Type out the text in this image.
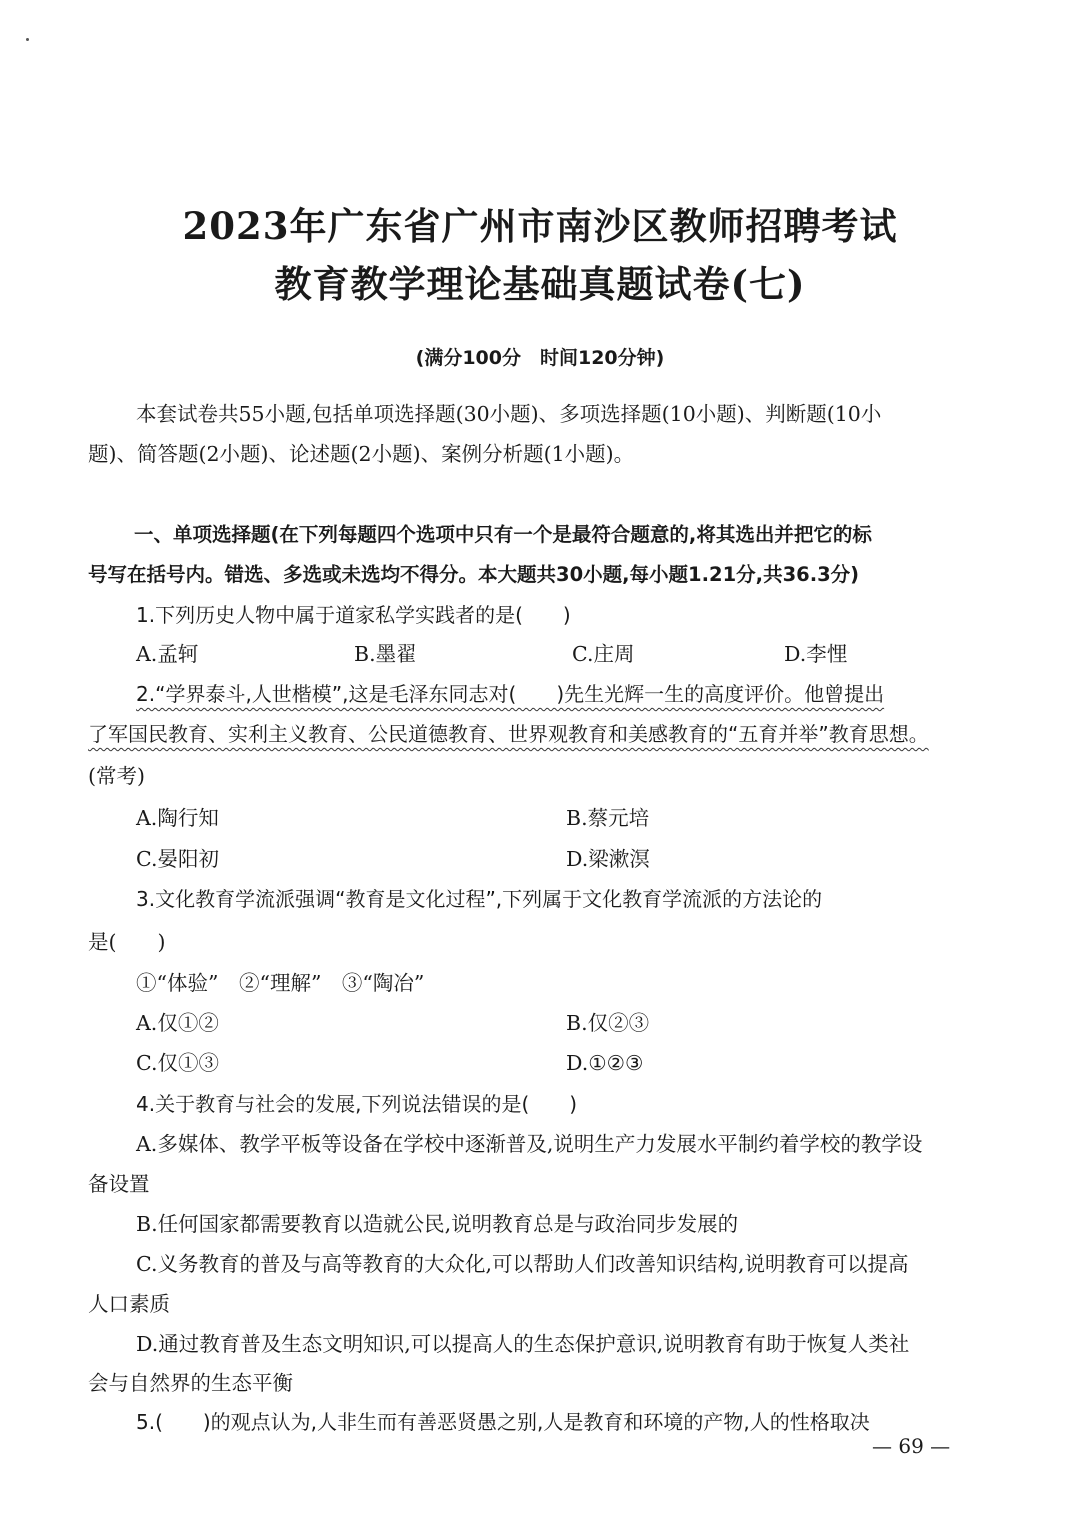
2023年广东省广州市南沙区教师招聘考试
教育教学理论基础真题试卷(七)
(满分100分　时间120分钟)
本套试卷共55小题,包括单项选择题(30小题)、多项选择题(10小题)、判断题(10小
题)、简答题(2小题)、论述题(2小题)、案例分析题(1小题)。
一、单项选择题(在下列每题四个选项中只有一个是最符合题意的,将其选出并把它的标
号写在括号内。错选、多选或未选均不得分。本大题共30小题,每小题1.21分,共36.3分)
1.下列历史人物中属于道家私学实践者的是(　　)
A.孟轲	B.墨翟	C.庄周	D.李悝
2.“学界泰斗,人世楷模”,这是毛泽东同志对(　　)先生光辉一生的高度评价。他曾提出
了军国民教育、实利主义教育、公民道德教育、世界观教育和美感教育的“五育并举”教育思想。
(常考)
A.陶行知	B.蔡元培
C.晏阳初	D.梁漱溟
3.文化教育学流派强调“教育是文化过程”,下列属于文化教育学流派的方法论的
是(　　)
①“体验”　②“理解”　③“陶冶”
A.仅①②	B.仅②③
C.仅①③	D.①②③
4.关于教育与社会的发展,下列说法错误的是(　　)
A.多媒体、教学平板等设备在学校中逐渐普及,说明生产力发展水平制约着学校的教学设
备设置
B.任何国家都需要教育以造就公民,说明教育总是与政治同步发展的
C.义务教育的普及与高等教育的大众化,可以帮助人们改善知识结构,说明教育可以提高
人口素质
D.通过教育普及生态文明知识,可以提高人的生态保护意识,说明教育有助于恢复人类社
会与自然界的生态平衡
5.(　　)的观点认为,人非生而有善恶贤愚之别,人是教育和环境的产物,人的性格取决
— 69 —
